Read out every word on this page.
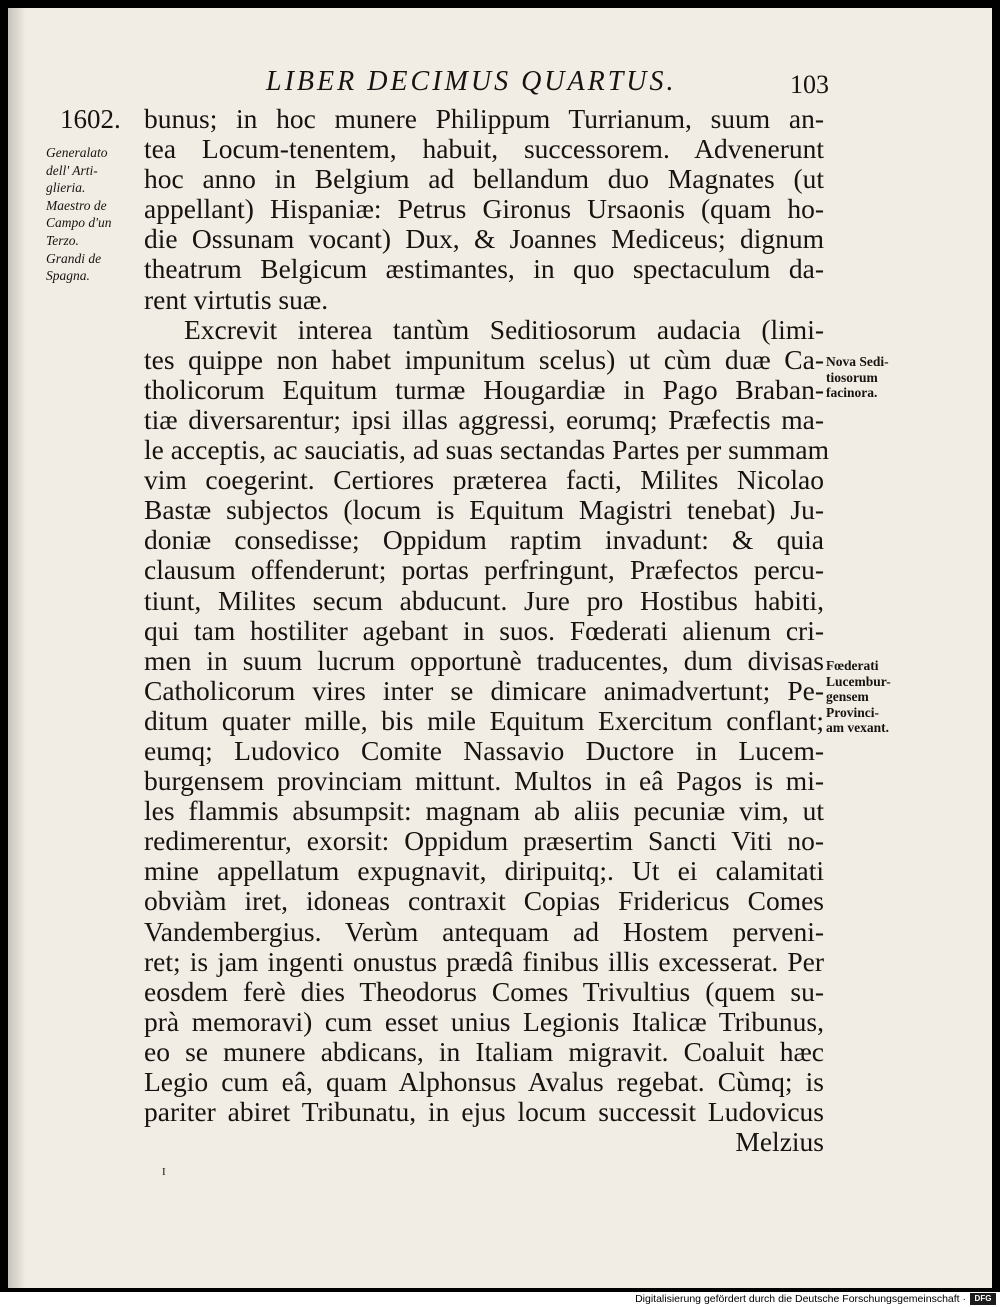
LIBER DECIMUS QUARTUS.	103
1602.
Generalato
dell' Arti-
glieria.
Maestro de
Campo d'un
Terzo.
Grandi de
Spagna.
Nova Sedi-
tiosorum
facinora.
Fœderati
Lucembur-
gensem
Provinci-
am vexant.
bunus; in hoc munere Philippum Turrianum, suum an-
tea Locum-tenentem, habuit, successorem. Advenerunt
hoc anno in Belgium ad bellandum duo Magnates (ut
appellant) Hispaniæ: Petrus Gironus Ursaonis (quam ho-
die Ossunam vocant) Dux, & Joannes Mediceus; dignum
theatrum Belgicum æstimantes, in quo spectaculum da-
rent virtutis suæ.
Excrevit interea tantùm Seditiosorum audacia (limi-
tes quippe non habet impunitum scelus) ut cùm duæ Ca-
tholicorum Equitum turmæ Hougardiæ in Pago Braban-
tiæ diversarentur; ipsi illas aggressi, eorumq; Præfectis ma-
le acceptis, ac sauciatis, ad suas sectandas Partes per summam
vim coegerint. Certiores præterea facti, Milites Nicolao
Bastæ subjectos (locum is Equitum Magistri tenebat) Ju-
doniæ consedisse; Oppidum raptim invadunt: & quia
clausum offenderunt; portas perfringunt, Præfectos percu-
tiunt, Milites secum abducunt. Jure pro Hostibus habiti,
qui tam hostiliter agebant in suos. Fœderati alienum cri-
men in suum lucrum opportunè traducentes, dum divisas
Catholicorum vires inter se dimicare animadvertunt; Pe-
ditum quater mille, bis mile Equitum Exercitum conflant;
eumq; Ludovico Comite Nassavio Ductore in Lucem-
burgensem provinciam mittunt. Multos in eâ Pagos is mi-
les flammis absumpsit: magnam ab aliis pecuniæ vim, ut
redimerentur, exorsit: Oppidum præsertim Sancti Viti no-
mine appellatum expugnavit, diripuitq;. Ut ei calamitati
obviàm iret, idoneas contraxit Copias Fridericus Comes
Vandembergius. Verùm antequam ad Hostem perveni-
ret; is jam ingenti onustus prædâ finibus illis excesserat. Per
eosdem ferè dies Theodorus Comes Trivultius (quem su-
prà memoravi) cum esset unius Legionis Italicæ Tribunus,
eo se munere abdicans, in Italiam migravit. Coaluit hæc
Legio cum eâ, quam Alphonsus Avalus regebat. Cùmq; is
pariter abiret Tribunatu, in ejus locum successit Ludovicus
Melzius
I
Digitalisierung gefördert durch die Deutsche Forschungsgemeinschaft ·	DFG
